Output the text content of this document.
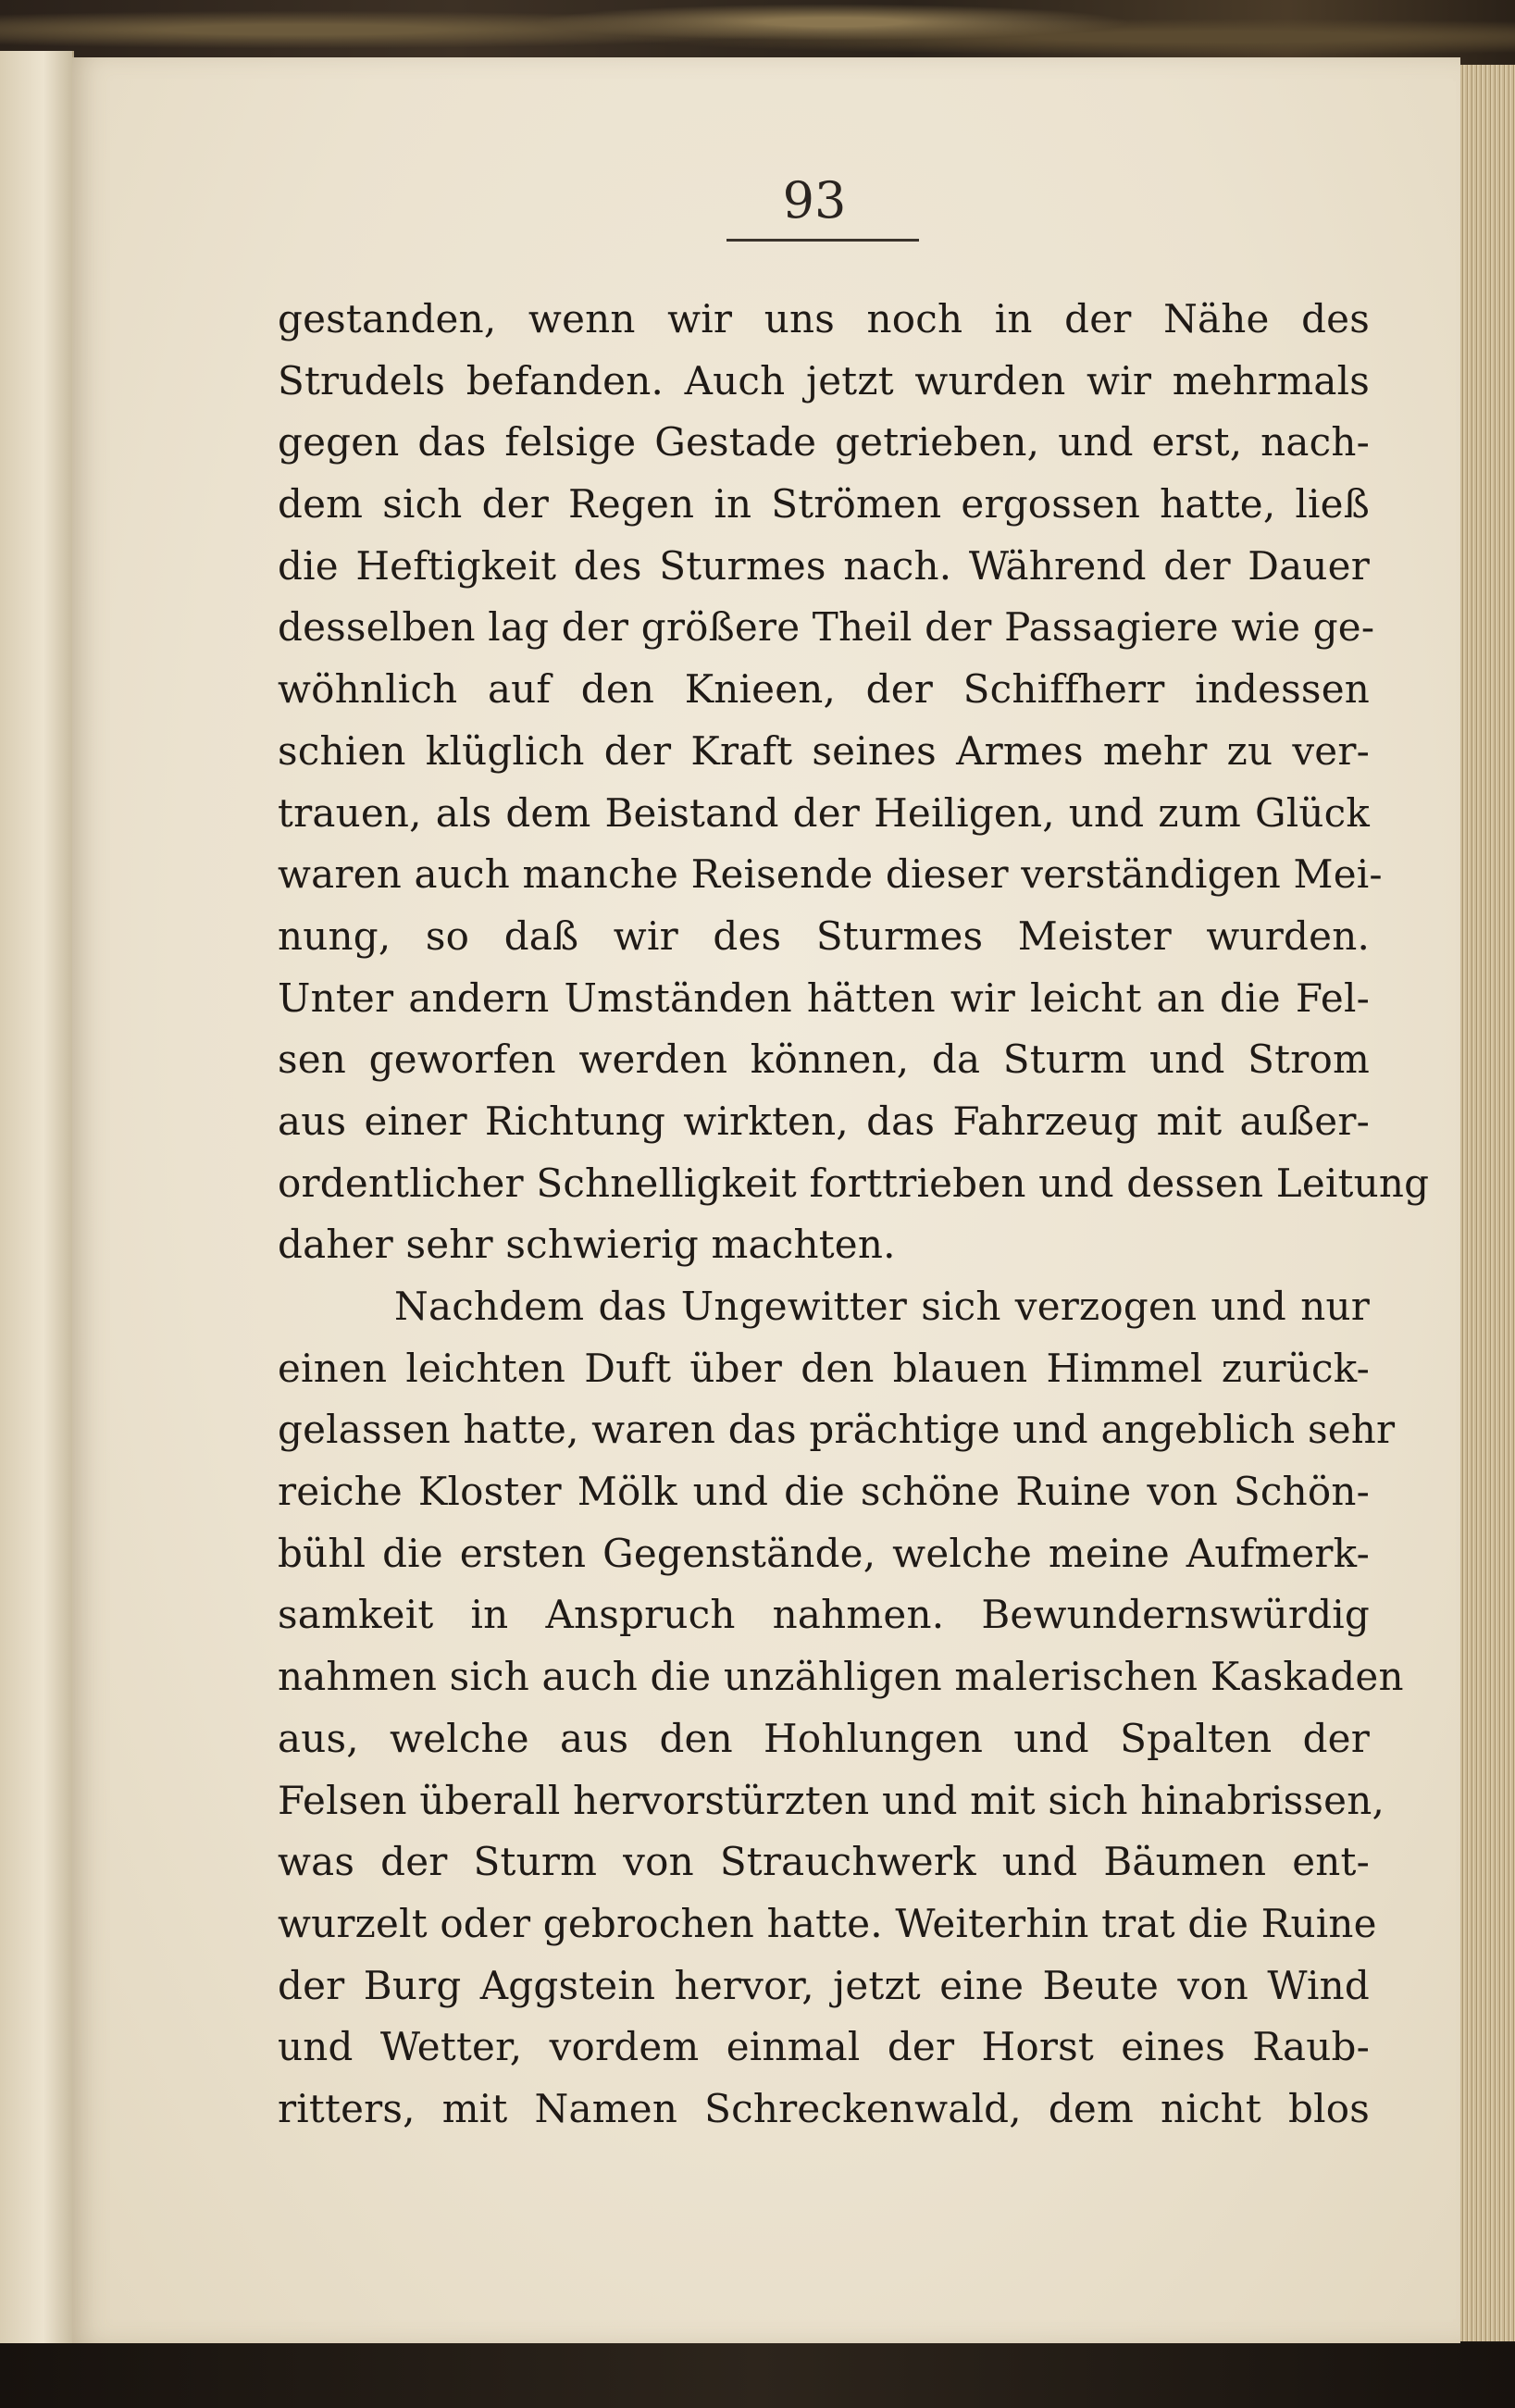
93
gestanden, wenn wir uns noch in der Nähe des
Strudels befanden. Auch jetzt wurden wir mehrmals
gegen das felsige Gestade getrieben, und erst, nach-
dem sich der Regen in Strömen ergossen hatte, ließ
die Heftigkeit des Sturmes nach. Während der Dauer
desselben lag der größere Theil der Passagiere wie ge-
wöhnlich auf den Knieen, der Schiffherr indessen
schien klüglich der Kraft seines Armes mehr zu ver-
trauen, als dem Beistand der Heiligen, und zum Glück
waren auch manche Reisende dieser verständigen Mei-
nung, so daß wir des Sturmes Meister wurden.
Unter andern Umständen hätten wir leicht an die Fel-
sen geworfen werden können, da Sturm und Strom
aus einer Richtung wirkten, das Fahrzeug mit außer-
ordentlicher Schnelligkeit forttrieben und dessen Leitung
daher sehr schwierig machten.
Nachdem das Ungewitter sich verzogen und nur
einen leichten Duft über den blauen Himmel zurück-
gelassen hatte, waren das prächtige und angeblich sehr
reiche Kloster Mölk und die schöne Ruine von Schön-
bühl die ersten Gegenstände, welche meine Aufmerk-
samkeit in Anspruch nahmen. Bewundernswürdig
nahmen sich auch die unzähligen malerischen Kaskaden
aus, welche aus den Hohlungen und Spalten der
Felsen überall hervorstürzten und mit sich hinabrissen,
was der Sturm von Strauchwerk und Bäumen ent-
wurzelt oder gebrochen hatte. Weiterhin trat die Ruine
der Burg Aggstein hervor, jetzt eine Beute von Wind
und Wetter, vordem einmal der Horst eines Raub-
ritters, mit Namen Schreckenwald, dem nicht blos
